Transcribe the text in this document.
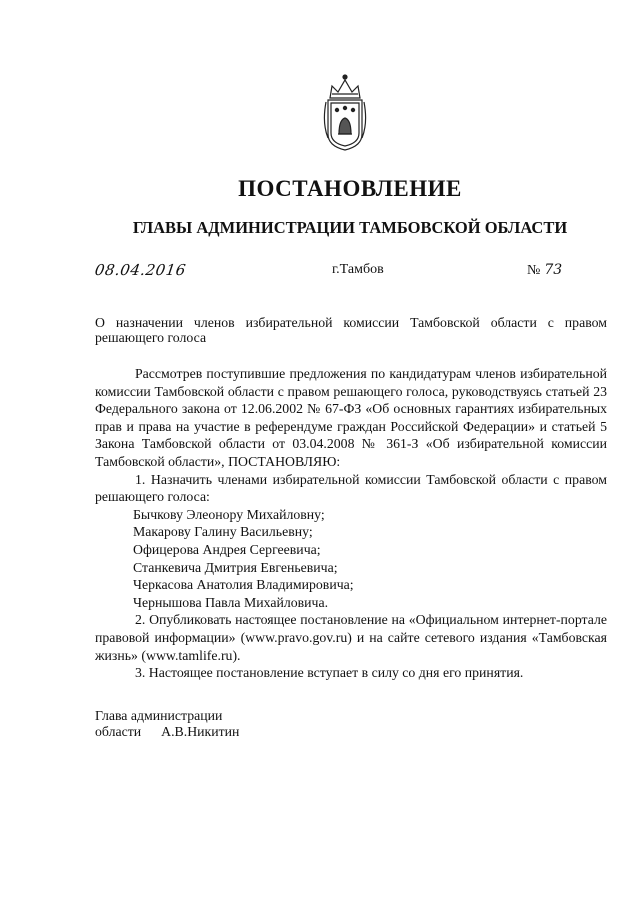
ПОСТАНОВЛЕНИЕ
ГЛАВЫ АДМИНИСТРАЦИИ ТАМБОВСКОЙ ОБЛАСТИ
08.04.2016	г.Тамбов	№ 73
О назначении членов избирательной комиссии Тамбовской области с правом решающего голоса

Рассмотрев поступившие предложения по кандидатурам членов избирательной комиссии Тамбовской области с правом решающего голоса, руководствуясь статьей 23 Федерального закона от 12.06.2002 № 67-ФЗ «Об основных гарантиях избирательных прав и права на участие в референдуме граждан Российской Федерации» и статьей 5 Закона Тамбовской области от 03.04.2008 № 361-З «Об избирательной комиссии Тамбовской области», ПОСТАНОВЛЯЮ:

1. Назначить членами избирательной комиссии Тамбовской области с правом решающего голоса:

Бычкову Элеонору Михайловну;

Макарову Галину Васильевну;

Офицерова Андрея Сергеевича;

Станкевича Дмитрия Евгеньевича;

Черкасова Анатолия Владимировича;

Чернышова Павла Михайловича.

2. Опубликовать настоящее постановление на «Официальном интернет-портале правовой информации» (www.pravo.gov.ru) и на сайте сетевого издания «Тамбовская жизнь» (www.tamlife.ru).

3. Настоящее постановление вступает в силу со дня его принятия.

Глава администрации
области А.В.Никитин
